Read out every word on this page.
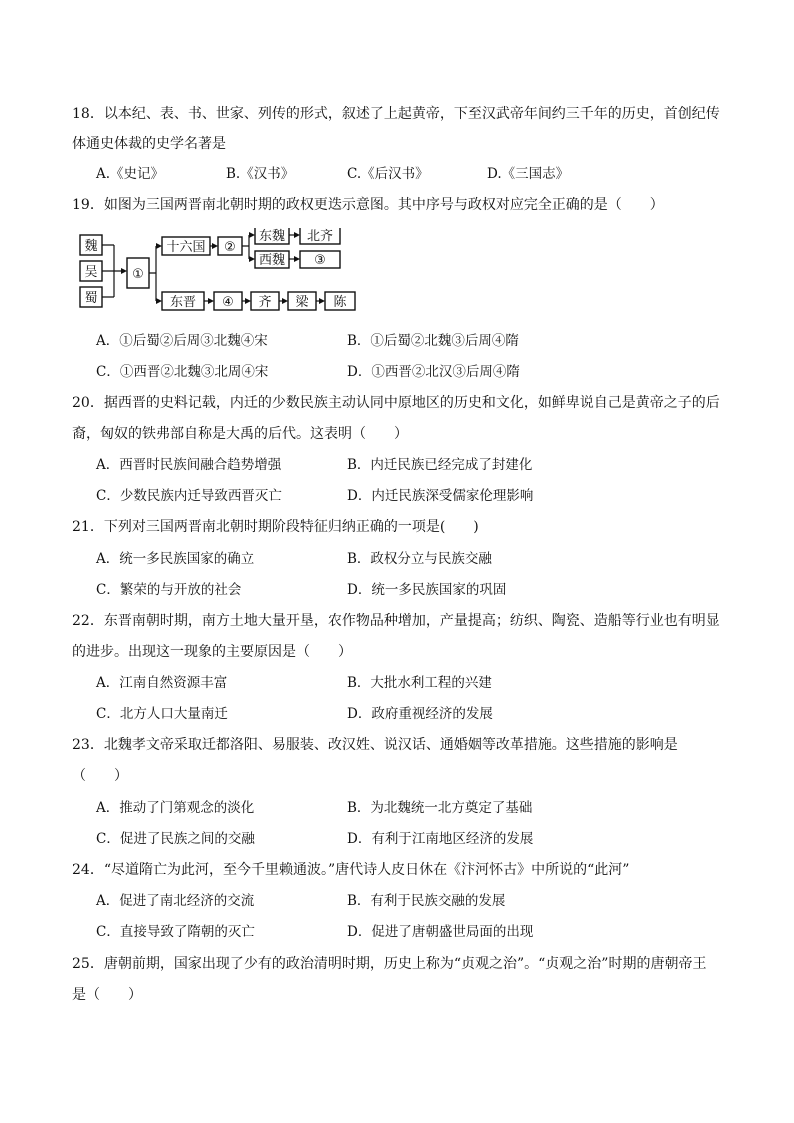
18．以本纪、表、书、世家、列传的形式，叙述了上起黄帝，下至汉武帝年间约三千年的历史，首创纪传
体通史体裁的史学名著是
A.《史记》	B.《汉书》	C.《后汉书》	D.《三国志》
19．如图为三国两晋南北朝时期的政权更迭示意图。其中序号与政权对应完全正确的是（　　）
魏
吴
蜀
①
十六国 ②
东魏 北齐
西魏 ③
东晋 ④ 齐 梁 陈
A．①后蜀②后周③北魏④宋	B．①后蜀②北魏③后周④隋
C．①西晋②北魏③北周④宋	D．①西晋②北汉③后周④隋
20．据西晋的史料记载，内迁的少数民族主动认同中原地区的历史和文化，如鲜卑说自己是黄帝之子的后
裔，匈奴的铁弗部自称是大禹的后代。这表明（　　）
A．西晋时民族间融合趋势增强	B．内迁民族已经完成了封建化
C．少数民族内迁导致西晋灭亡	D．内迁民族深受儒家伦理影响
21．下列对三国两晋南北朝时期阶段特征归纳正确的一项是(　　)
A．统一多民族国家的确立	B．政权分立与民族交融
C．繁荣的与开放的社会	D．统一多民族国家的巩固
22．东晋南朝时期，南方土地大量开垦，农作物品种增加，产量提高；纺织、陶瓷、造船等行业也有明显
的进步。出现这一现象的主要原因是（　　）
A．江南自然资源丰富	B．大批水利工程的兴建
C．北方人口大量南迁	D．政府重视经济的发展
23．北魏孝文帝采取迁都洛阳、易服装、改汉姓、说汉话、通婚姻等改革措施。这些措施的影响是
（　　）
A．推动了门第观念的淡化	B．为北魏统一北方奠定了基础
C．促进了民族之间的交融	D．有利于江南地区经济的发展
24．“尽道隋亡为此河，至今千里赖通波。”唐代诗人皮日休在《汴河怀古》中所说的“此河”
A．促进了南北经济的交流	B．有利于民族交融的发展
C．直接导致了隋朝的灭亡	D．促进了唐朝盛世局面的出现
25．唐朝前期，国家出现了少有的政治清明时期，历史上称为“贞观之治”。“贞观之治”时期的唐朝帝王
是（　　）
